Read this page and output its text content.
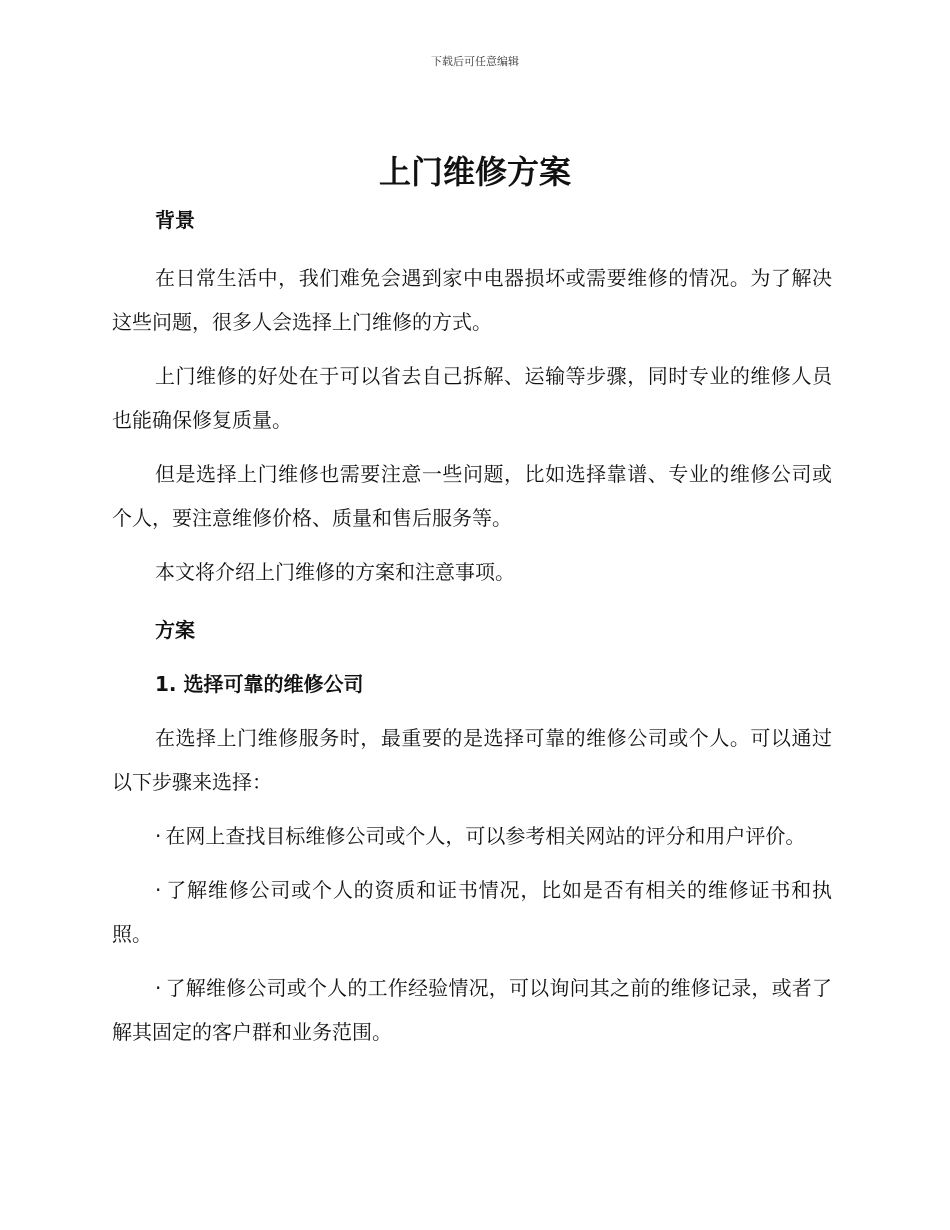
下载后可任意编辑
上门维修方案
背景

在日常生活中，我们难免会遇到家中电器损坏或需要维修的情况。为了解决这些问题，很多人会选择上门维修的方式。

上门维修的好处在于可以省去自己拆解、运输等步骤，同时专业的维修人员也能确保修复质量。

但是选择上门维修也需要注意一些问题，比如选择靠谱、专业的维修公司或个人，要注意维修价格、质量和售后服务等。

本文将介绍上门维修的方案和注意事项。

方案
1. 选择可靠的维修公司

在选择上门维修服务时，最重要的是选择可靠的维修公司或个人。可以通过以下步骤来选择：

· 在网上查找目标维修公司或个人，可以参考相关网站的评分和用户评价。

· 了解维修公司或个人的资质和证书情况，比如是否有相关的维修证书和执照。

· 了解维修公司或个人的工作经验情况，可以询问其之前的维修记录，或者了解其固定的客户群和业务范围。
